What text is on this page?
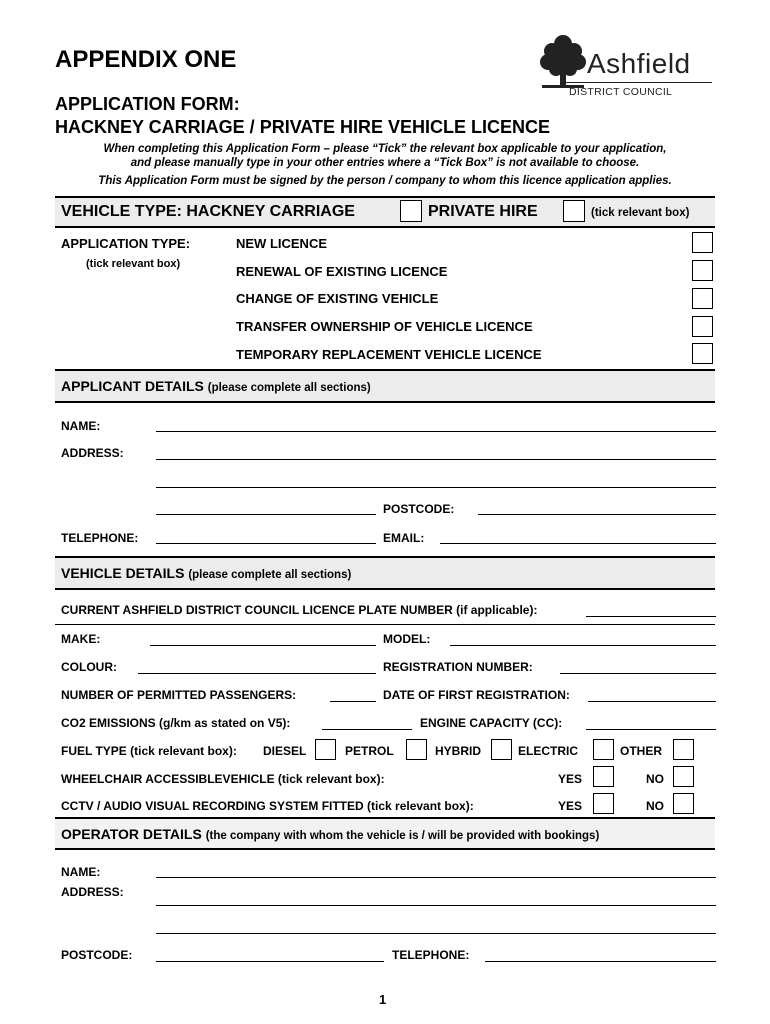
APPENDIX ONE
APPLICATION FORM:
HACKNEY CARRIAGE / PRIVATE HIRE VEHICLE LICENCE
When completing this Application Form – please “Tick” the relevant box applicable to your application,
and please manually type in your other entries where a “Tick Box” is not available to choose.
This Application Form must be signed by the person / company to whom this licence application applies.
Ashfield
DISTRICT COUNCIL
VEHICLE TYPE: HACKNEY CARRIAGE	PRIVATE HIRE	(tick relevant box)
APPLICATION TYPE:
(tick relevant box)
NEW LICENCE
RENEWAL OF EXISTING LICENCE
CHANGE OF EXISTING VEHICLE
TRANSFER OWNERSHIP OF VEHICLE LICENCE
TEMPORARY REPLACEMENT VEHICLE LICENCE
APPLICANT DETAILS (please complete all sections)
NAME:
ADDRESS:
POSTCODE:
TELEPHONE:	EMAIL:
VEHICLE DETAILS (please complete all sections)
CURRENT ASHFIELD DISTRICT COUNCIL LICENCE PLATE NUMBER (if applicable):
MAKE:	MODEL:
COLOUR:	REGISTRATION NUMBER:
NUMBER OF PERMITTED PASSENGERS:	DATE OF FIRST REGISTRATION:
CO2 EMISSIONS (g/km as stated on V5):	ENGINE CAPACITY (CC):
FUEL TYPE (tick relevant box): DIESEL	PETROL	HYBRID	ELECTRIC	OTHER
WHEELCHAIR ACCESSIBLEVEHICLE (tick relevant box):	YES	NO
CCTV / AUDIO VISUAL RECORDING SYSTEM FITTED (tick relevant box):	YES	NO
OPERATOR DETAILS (the company with whom the vehicle is / will be provided with bookings)
NAME:
ADDRESS:
POSTCODE:	TELEPHONE:
1
